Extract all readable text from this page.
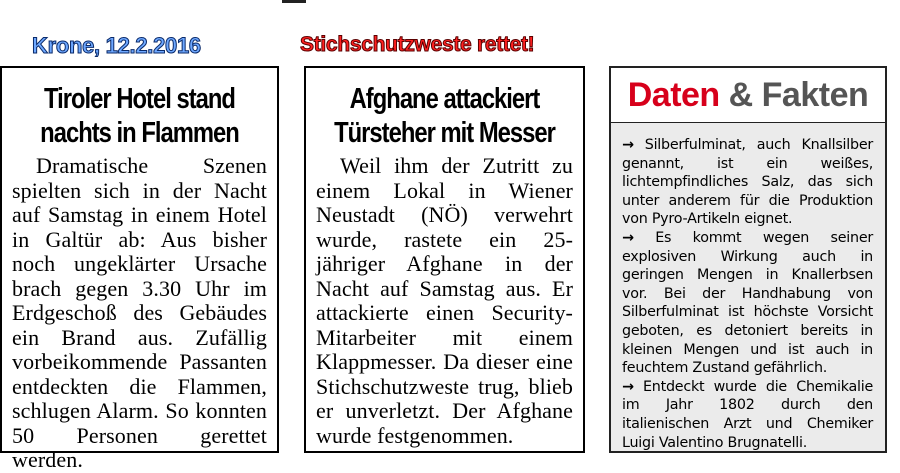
Krone, 12.2.2016	Stichschutzweste rettet!
Tiroler Hotel stand
nachts in Flammen
Dramatische Szenen spielten sich in der Nacht auf Samstag in einem Hotel in Galtür ab: Aus bisher noch ungeklärter Ursache brach gegen 3.30 Uhr im Erdgeschoß des Gebäudes ein Brand aus. Zufällig vorbeikommende Passanten entdeckten die Flammen, schlugen Alarm. So konnten 50 Personen gerettet werden.
Afghane attackiert
Türsteher mit Messer
Weil ihm der Zutritt zu einem Lokal in Wiener Neustadt (NÖ) verwehrt wurde, rastete ein 25-jähriger Afghane in der Nacht auf Samstag aus. Er attackierte einen Security-Mitarbeiter mit einem Klappmesser. Da dieser eine Stichschutzweste trug, blieb er unverletzt. Der Afghane wurde festgenommen.
Daten & Fakten

→ Silberfulminat, auch Knallsilber genannt, ist ein weißes, lichtempfindliches Salz, das sich unter anderem für die Produktion von Pyro-Artikeln eignet.

→ Es kommt wegen seiner explosiven Wirkung auch in geringen Mengen in Knallerbsen vor. Bei der Handhabung von Silberfulminat ist höchste Vorsicht geboten, es detoniert bereits in kleinen Mengen und ist auch in feuchtem Zustand gefährlich.

→ Entdeckt wurde die Chemikalie im Jahr 1802 durch den italienischen Arzt und Chemiker Luigi Valentino Brugnatelli.
